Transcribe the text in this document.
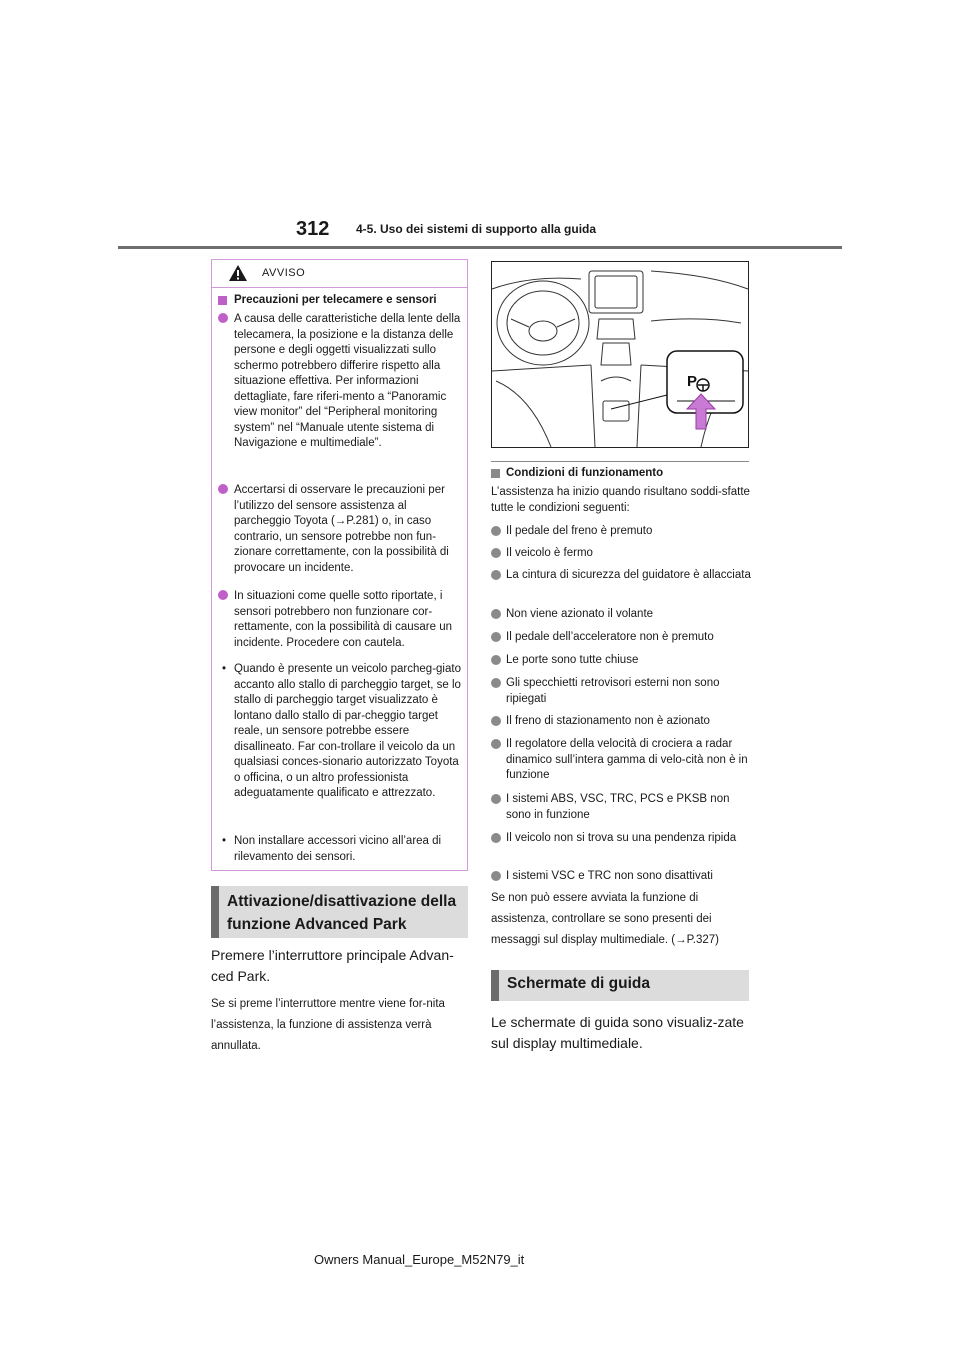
312 4-5. Uso dei sistemi di supporto alla guida
AVVISO
Precauzioni per telecamere e sensori
A causa delle caratteristiche della lente della telecamera, la posizione e la distanza delle persone e degli oggetti visualizzati sullo schermo potrebbero differire rispetto alla situazione effettiva. Per informazioni dettagliate, fare riferi-mento a “Panoramic view monitor” del “Peripheral monitoring system” nel “Manuale utente sistema di Navigazione e multimediale”.
Accertarsi di osservare le precauzioni per l’utilizzo del sensore assistenza al parcheggio Toyota (→P.281) o, in caso contrario, un sensore potrebbe non fun-zionare correttamente, con la possibilità di provocare un incidente.
In situazioni come quelle sotto riportate, i sensori potrebbero non funzionare cor-rettamente, con la possibilità di causare un incidente. Procedere con cautela.
• Quando è presente un veicolo parcheg-giato accanto allo stallo di parcheggio target, se lo stallo di parcheggio target visualizzato è lontano dallo stallo di par-cheggio target reale, un sensore potrebbe essere disallineato. Far con-trollare il veicolo da un qualsiasi conces-sionario autorizzato Toyota o officina, o un altro professionista adeguatamente qualificato e attrezzato.
• Non installare accessori vicino all’area di rilevamento dei sensori.
Attivazione/disattivazione della funzione Advanced Park
Premere l’interruttore principale Advan-ced Park.
Se si preme l’interruttore mentre viene for-nita l’assistenza, la funzione di assistenza verrà annullata.
P
Condizioni di funzionamento
L’assistenza ha inizio quando risultano soddi-sfatte tutte le condizioni seguenti:
Il pedale del freno è premuto
Il veicolo è fermo
La cintura di sicurezza del guidatore è allacciata
Non viene azionato il volante
Il pedale dell’acceleratore non è premuto
Le porte sono tutte chiuse
Gli specchietti retrovisori esterni non sono ripiegati
Il freno di stazionamento non è azionato
Il regolatore della velocità di crociera a radar dinamico sull’intera gamma di velo-cità non è in funzione
I sistemi ABS, VSC, TRC, PCS e PKSB non sono in funzione
Il veicolo non si trova su una pendenza ripida
I sistemi VSC e TRC non sono disattivati
Se non può essere avviata la funzione di assistenza, controllare se sono presenti dei messaggi sul display multimediale. (→P.327)
Schermate di guida
Le schermate di guida sono visualiz-zate sul display multimediale.
Owners Manual_Europe_M52N79_it
